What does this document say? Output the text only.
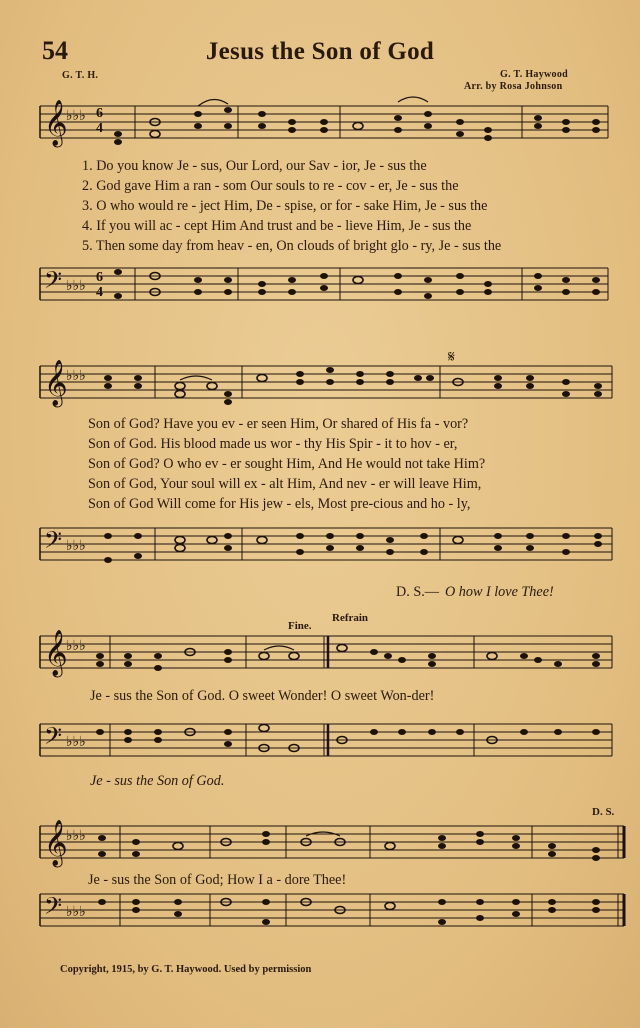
54	Jesus the Son of God
G. T. H.	G. T. Haywood
Arr. by Rosa Johnson
𝄞
♭♭♭ 6
4
𝄢 ♭♭♭
6
4
1. Do you know Je - sus, Our Lord, our Sav - ior, Je - sus the
2. God gave Him a ran - som Our souls to re - cov - er, Je - sus the
3. O who would re - ject Him, De - spise, or for - sake Him, Je - sus the
4. If you will ac - cept Him And trust and be - lieve Him, Je - sus the
5. Then some day from heav - en, On clouds of bright glo - ry, Je - sus the
𝄞
♭♭♭
𝄋
𝄢 ♭♭♭
Son of God? Have you ev - er seen Him, Or shared of His fa - vor?
Son of God. His blood made us wor - thy His Spir - it to hov - er,
Son of God? O who ev - er sought Him, And He would not take Him?
Son of God, Your soul will ex - alt Him, And nev - er will leave Him,
Son of God Will come for His jew - els, Most pre-cious and ho - ly,
D. S.— O how I love Thee!
Fine.
Refrain
𝄞
♭♭♭
𝄢 ♭♭♭
Je - sus the Son of God. O sweet Wonder! O sweet Won-der!
Je - sus the Son of God.
D. S.
𝄞
♭♭♭
𝄢 ♭♭♭
Je - sus the Son of God; How I a - dore Thee!
Copyright, 1915, by G. T. Haywood. Used by permission
